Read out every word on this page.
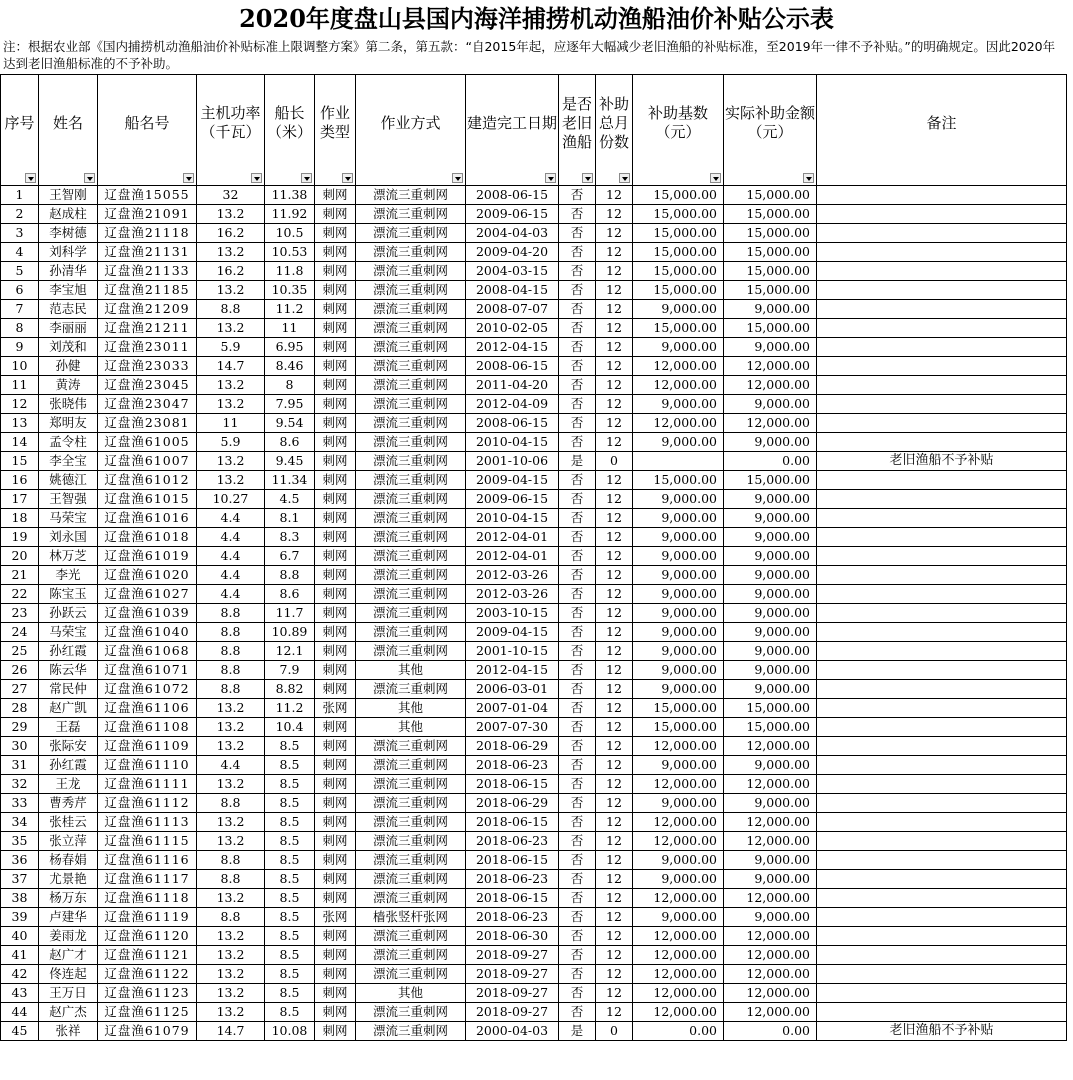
2020年度盘山县国内海洋捕捞机动渔船油价补贴公示表
注：根据农业部《国内捕捞机动渔船油价补贴标准上限调整方案》第二条，第五款：“自2015年起，应逐年大幅减少老旧渔船的补贴标准，至2019年一律不予补贴。”的明确规定。因此2020年达到老旧渔船标准的不予补助。
序号	姓名	船名号	主机功率（千瓦）	船长（米）	作业类型	作业方式	建造完工日期	是否老旧渔船	补助总月份数	补助基数（元）	实际补助金额（元）	备注

1	王智刚	辽盘渔15055	32	11.38	刺网	漂流三重刺网	2008-06-15	否	12	15,000.00	15,000.00	
2	赵成柱	辽盘渔21091	13.2	11.92	刺网	漂流三重刺网	2009-06-15	否	12	15,000.00	15,000.00	
3	李树德	辽盘渔21118	16.2	10.5	刺网	漂流三重刺网	2004-04-03	否	12	15,000.00	15,000.00	
4	刘科学	辽盘渔21131	13.2	10.53	刺网	漂流三重刺网	2009-04-20	否	12	15,000.00	15,000.00	
5	孙清华	辽盘渔21133	16.2	11.8	刺网	漂流三重刺网	2004-03-15	否	12	15,000.00	15,000.00	
6	李宝旭	辽盘渔21185	13.2	10.35	刺网	漂流三重刺网	2008-04-15	否	12	15,000.00	15,000.00	
7	范志民	辽盘渔21209	8.8	11.2	刺网	漂流三重刺网	2008-07-07	否	12	9,000.00	9,000.00	
8	李丽丽	辽盘渔21211	13.2	11	刺网	漂流三重刺网	2010-02-05	否	12	15,000.00	15,000.00	
9	刘茂和	辽盘渔23011	5.9	6.95	刺网	漂流三重刺网	2012-04-15	否	12	9,000.00	9,000.00	
10	孙健	辽盘渔23033	14.7	8.46	刺网	漂流三重刺网	2008-06-15	否	12	12,000.00	12,000.00	
11	黄涛	辽盘渔23045	13.2	8	刺网	漂流三重刺网	2011-04-20	否	12	12,000.00	12,000.00	
12	张晓伟	辽盘渔23047	13.2	7.95	刺网	漂流三重刺网	2012-04-09	否	12	9,000.00	9,000.00	
13	郑明友	辽盘渔23081	11	9.54	刺网	漂流三重刺网	2008-06-15	否	12	12,000.00	12,000.00	
14	孟令柱	辽盘渔61005	5.9	8.6	刺网	漂流三重刺网	2010-04-15	否	12	9,000.00	9,000.00	
15	李全宝	辽盘渔61007	13.2	9.45	刺网	漂流三重刺网	2001-10-06	是	0		0.00	老旧渔船不予补贴
16	姚德江	辽盘渔61012	13.2	11.34	刺网	漂流三重刺网	2009-04-15	否	12	15,000.00	15,000.00	
17	王智强	辽盘渔61015	10.27	4.5	刺网	漂流三重刺网	2009-06-15	否	12	9,000.00	9,000.00	
18	马荣宝	辽盘渔61016	4.4	8.1	刺网	漂流三重刺网	2010-04-15	否	12	9,000.00	9,000.00	
19	刘永国	辽盘渔61018	4.4	8.3	刺网	漂流三重刺网	2012-04-01	否	12	9,000.00	9,000.00	
20	林万芝	辽盘渔61019	4.4	6.7	刺网	漂流三重刺网	2012-04-01	否	12	9,000.00	9,000.00	
21	李光	辽盘渔61020	4.4	8.8	刺网	漂流三重刺网	2012-03-26	否	12	9,000.00	9,000.00	
22	陈宝玉	辽盘渔61027	4.4	8.6	刺网	漂流三重刺网	2012-03-26	否	12	9,000.00	9,000.00	
23	孙跃云	辽盘渔61039	8.8	11.7	刺网	漂流三重刺网	2003-10-15	否	12	9,000.00	9,000.00	
24	马荣宝	辽盘渔61040	8.8	10.89	刺网	漂流三重刺网	2009-04-15	否	12	9,000.00	9,000.00	
25	孙红霞	辽盘渔61068	8.8	12.1	刺网	漂流三重刺网	2001-10-15	否	12	9,000.00	9,000.00	
26	陈云华	辽盘渔61071	8.8	7.9	刺网	其他	2012-04-15	否	12	9,000.00	9,000.00	
27	常民仲	辽盘渔61072	8.8	8.82	刺网	漂流三重刺网	2006-03-01	否	12	9,000.00	9,000.00	
28	赵广凯	辽盘渔61106	13.2	11.2	张网	其他	2007-01-04	否	12	15,000.00	15,000.00	
29	王磊	辽盘渔61108	13.2	10.4	刺网	其他	2007-07-30	否	12	15,000.00	15,000.00	
30	张际安	辽盘渔61109	13.2	8.5	刺网	漂流三重刺网	2018-06-29	否	12	12,000.00	12,000.00	
31	孙红霞	辽盘渔61110	4.4	8.5	刺网	漂流三重刺网	2018-06-23	否	12	9,000.00	9,000.00	
32	王龙	辽盘渔61111	13.2	8.5	刺网	漂流三重刺网	2018-06-15	否	12	12,000.00	12,000.00	
33	曹秀芹	辽盘渔61112	8.8	8.5	刺网	漂流三重刺网	2018-06-29	否	12	9,000.00	9,000.00	
34	张桂云	辽盘渔61113	13.2	8.5	刺网	漂流三重刺网	2018-06-15	否	12	12,000.00	12,000.00	
35	张立萍	辽盘渔61115	13.2	8.5	刺网	漂流三重刺网	2018-06-23	否	12	12,000.00	12,000.00	
36	杨春娟	辽盘渔61116	8.8	8.5	刺网	漂流三重刺网	2018-06-15	否	12	9,000.00	9,000.00	
37	尤景艳	辽盘渔61117	8.8	8.5	刺网	漂流三重刺网	2018-06-23	否	12	9,000.00	9,000.00	
38	杨万东	辽盘渔61118	13.2	8.5	刺网	漂流三重刺网	2018-06-15	否	12	12,000.00	12,000.00	
39	卢建华	辽盘渔61119	8.8	8.5	张网	樯张竖杆张网	2018-06-23	否	12	9,000.00	9,000.00	
40	姜雨龙	辽盘渔61120	13.2	8.5	刺网	漂流三重刺网	2018-06-30	否	12	12,000.00	12,000.00	
41	赵广才	辽盘渔61121	13.2	8.5	刺网	漂流三重刺网	2018-09-27	否	12	12,000.00	12,000.00	
42	佟连起	辽盘渔61122	13.2	8.5	刺网	漂流三重刺网	2018-09-27	否	12	12,000.00	12,000.00	
43	王万日	辽盘渔61123	13.2	8.5	刺网	其他	2018-09-27	否	12	12,000.00	12,000.00	
44	赵广杰	辽盘渔61125	13.2	8.5	刺网	漂流三重刺网	2018-09-27	否	12	12,000.00	12,000.00	
45	张祥	辽盘渔61079	14.7	10.08	刺网	漂流三重刺网	2000-04-03	是	0	0.00	0.00	老旧渔船不予补贴
